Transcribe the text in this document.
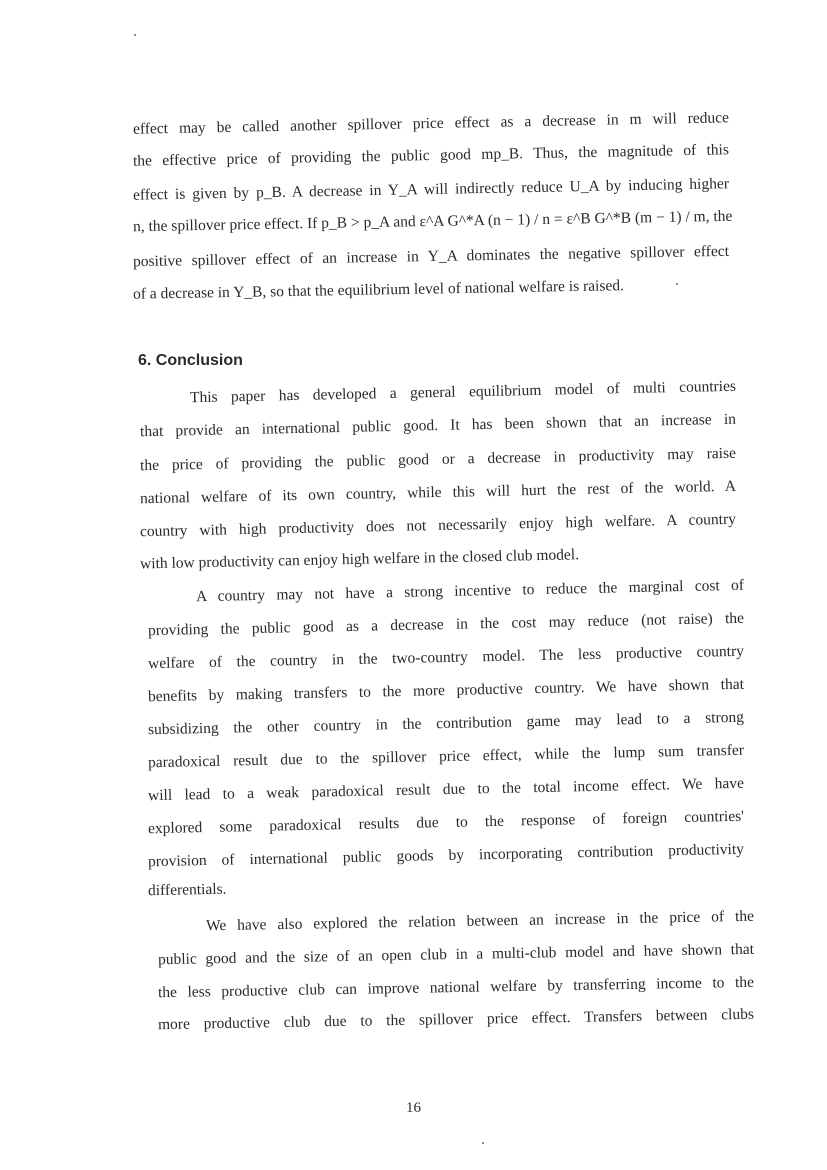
effect may be called another spillover price effect as a decrease in m will reduce
the effective price of providing the public good mp_B. Thus, the magnitude of this
effect is given by p_B. A decrease in Y_A will indirectly reduce U_A by inducing higher
n, the spillover price effect. If p_B > p_A and ε^A G^*A (n − 1) / n = ε^B G^*B (m − 1) / m, the
positive spillover effect of an increase in Y_A dominates the negative spillover effect
of a decrease in Y_B, so that the equilibrium level of national welfare is raised.
6. Conclusion
This paper has developed a general equilibrium model of multi countries
that provide an international public good. It has been shown that an increase in
the price of providing the public good or a decrease in productivity may raise
national welfare of its own country, while this will hurt the rest of the world. A
country with high productivity does not necessarily enjoy high welfare. A country
with low productivity can enjoy high welfare in the closed club model.
A country may not have a strong incentive to reduce the marginal cost of
providing the public good as a decrease in the cost may reduce (not raise) the
welfare of the country in the two-country model. The less productive country
benefits by making transfers to the more productive country. We have shown that
subsidizing the other country in the contribution game may lead to a strong
paradoxical result due to the spillover price effect, while the lump sum transfer
will lead to a weak paradoxical result due to the total income effect. We have
explored some paradoxical results due to the response of foreign countries'
provision of international public goods by incorporating contribution productivity
differentials.
We have also explored the relation between an increase in the price of the
public good and the size of an open club in a multi-club model and have shown that
the less productive club can improve national welfare by transferring income to the
more productive club due to the spillover price effect. Transfers between clubs
16
